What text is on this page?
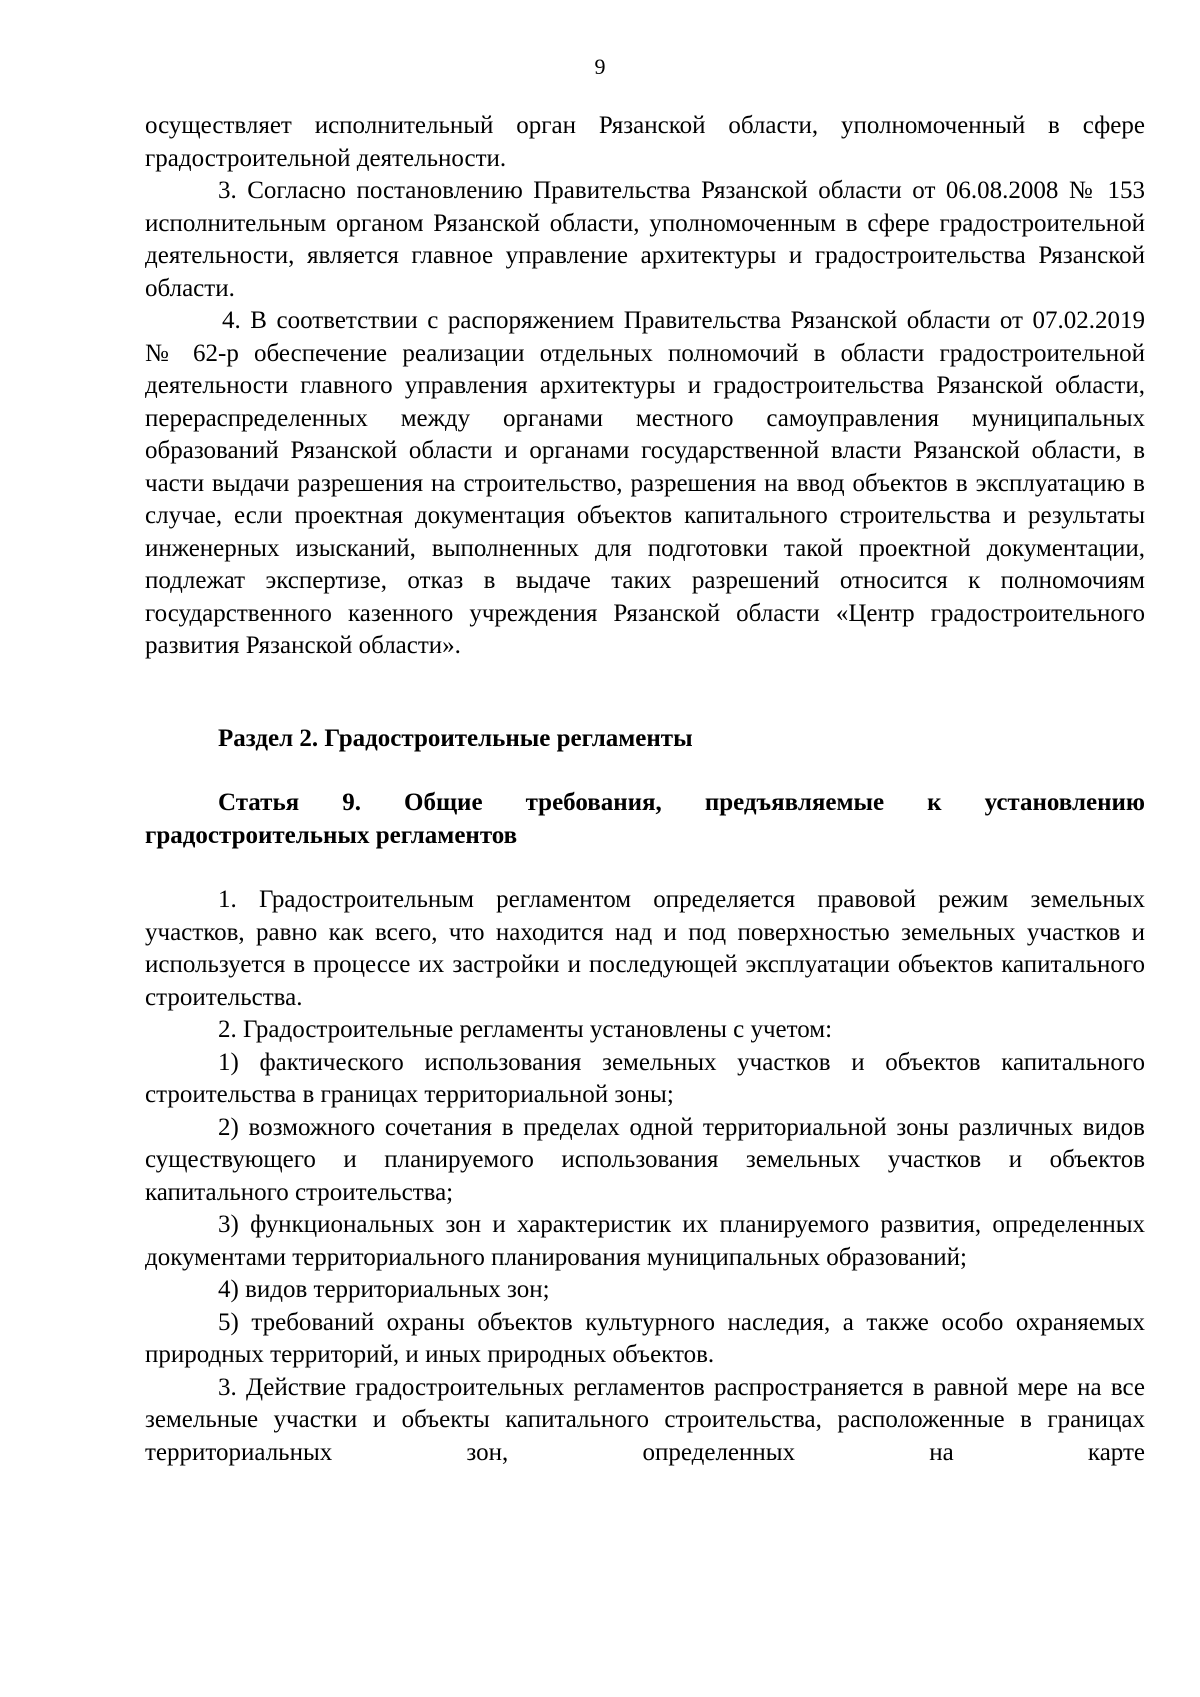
9

осуществляет исполнительный орган Рязанской области, уполномоченный в сфере градостроительной деятельности.

3. Согласно постановлению Правительства Рязанской области от 06.08.2008 № 153 исполнительным органом Рязанской области, уполномоченным в сфере градостроительной деятельности, является главное управление архитектуры и градостроительства Рязанской области.

4. В соответствии с распоряжением Правительства Рязанской области от 07.02.2019 № 62-р обеспечение реализации отдельных полномочий в области градостроительной деятельности главного управления архитектуры и градостроительства Рязанской области, перераспределенных между органами местного самоуправления муниципальных образований Рязанской области и органами государственной власти Рязанской области, в части выдачи разрешения на строительство, разрешения на ввод объектов в эксплуатацию в случае, если проектная документация объектов капитального строительства и результаты инженерных изысканий, выполненных для подготовки такой проектной документации, подлежат экспертизе, отказ в выдаче таких разрешений относится к полномочиям государственного казенного учреждения Рязанской области «Центр градостроительного развития Рязанской области».

Раздел 2. Градостроительные регламенты

Статья 9. Общие требования, предъявляемые к установлению градостроительных регламентов

1. Градостроительным регламентом определяется правовой режим земельных участков, равно как всего, что находится над и под поверхностью земельных участков и используется в процессе их застройки и последующей эксплуатации объектов капитального строительства.

2. Градостроительные регламенты установлены с учетом:

1) фактического использования земельных участков и объектов капитального строительства в границах территориальной зоны;

2) возможного сочетания в пределах одной территориальной зоны различных видов существующего и планируемого использования земельных участков и объектов капитального строительства;

3) функциональных зон и характеристик их планируемого развития, определенных документами территориального планирования муниципальных образований;

4) видов территориальных зон;

5) требований охраны объектов культурного наследия, а также особо охраняемых природных территорий, и иных природных объектов.

3. Действие градостроительных регламентов распространяется в равной мере на все земельные участки и объекты капитального строительства, расположенные в границах территориальных зон, определенных на карте
